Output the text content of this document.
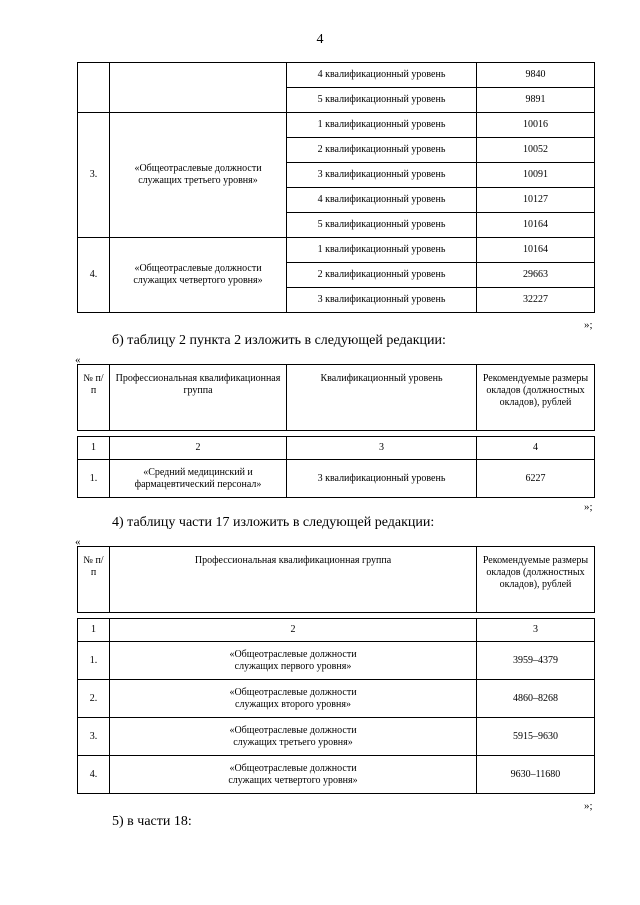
4
		4 квалификационный уровень	9840
		5 квалификационный уровень	9891
3.	«Общеотраслевые должности служащих третьего уровня»	1 квалификационный уровень	10016
		2 квалификационный уровень	10052
		3 квалификационный уровень	10091
		4 квалификационный уровень	10127
		5 квалификационный уровень	10164
4.	«Общеотраслевые должности служащих четвертого уровня»	1 квалификационный уровень	10164
		2 квалификационный уровень	29663
		3 квалификационный уровень	32227
»;
б) таблицу 2 пункта 2 изложить в следующей редакции:
«
№ п/п	Профессиональная квалификационная группа	Квалификационный уровень	Рекомендуемые размеры окладов (должностных окладов), рублей

1	2	3	4
1.	«Средний медицинский и фармацевтический персонал»	3 квалификационный уровень	6227
»;
4) таблицу части 17 изложить в следующей редакции:
«
№ п/п	Профессиональная квалификационная группа	Рекомендуемые размеры окладов (должностных окладов), рублей

1	2	3
1.	«Общеотраслевые должности служащих первого уровня»	3959–4379
2.	«Общеотраслевые должности служащих второго уровня»	4860–8268
3.	«Общеотраслевые должности служащих третьего уровня»	5915–9630
4.	«Общеотраслевые должности служащих четвертого уровня»	9630–11680
»;
5) в части 18:
